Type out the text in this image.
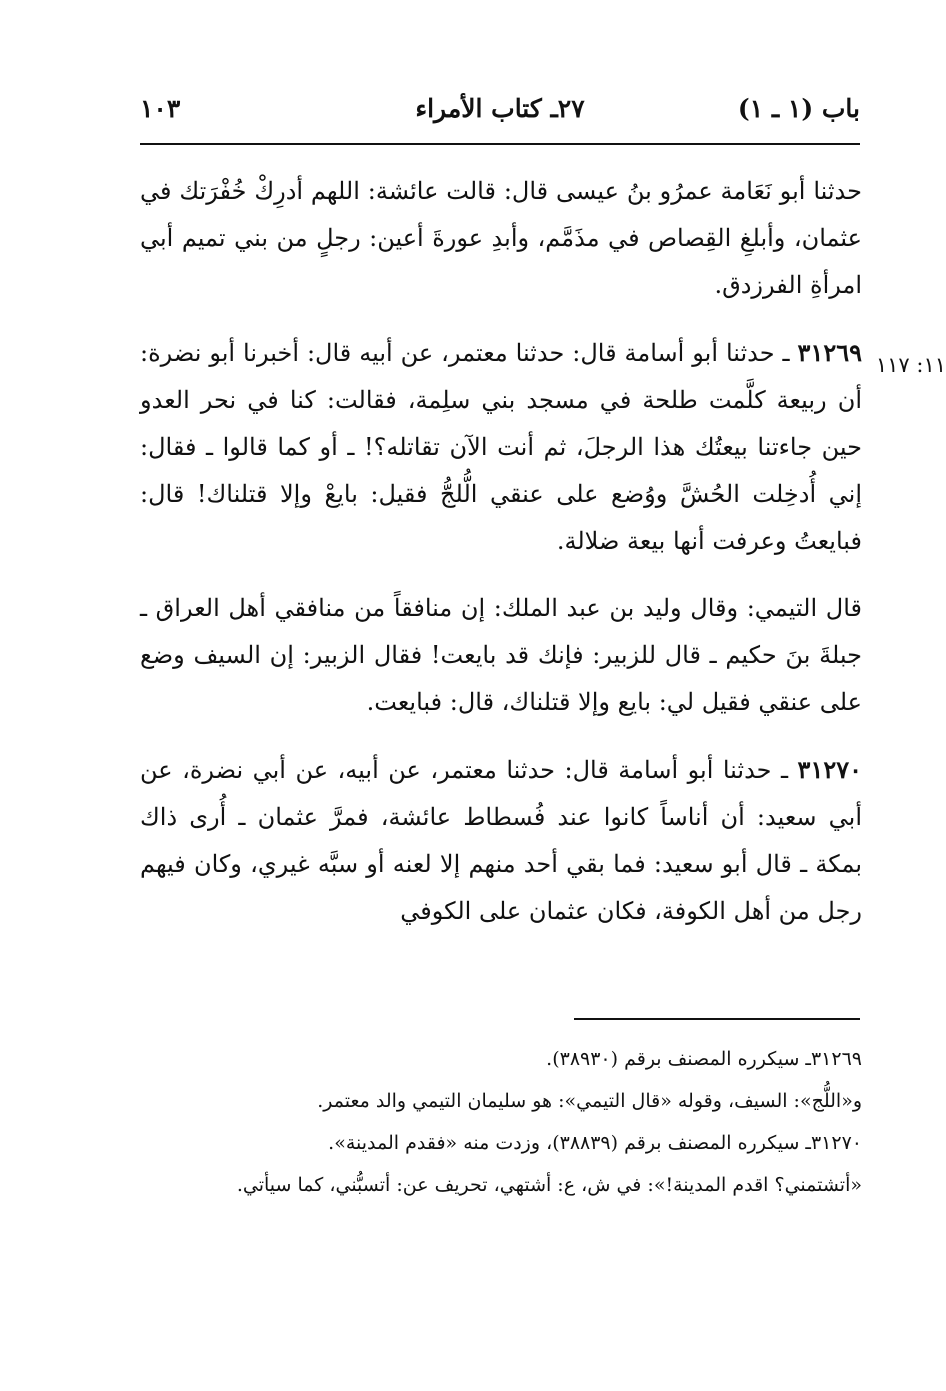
باب (١ ـ ١)
٢٧ـ كتاب الأمراء
١٠٣
١١: ١١٧

حدثنا أبو نَعَامة عمرُو بنُ عيسى قال: قالت عائشة: اللهم أدرِكْ خُفْرَتك في عثمان، وأبلغِ القِصاص في مذَمَّم، وأبدِ عورةَ أعين: رجلٍ من بني تميم أبي امرأةِ الفرزدق.

٣١٢٦٩ ـ حدثنا أبو أسامة قال: حدثنا معتمر، عن أبيه قال: أخبرنا أبو نضرة: أن ربيعة كلَّمت طلحة في مسجد بني سلِمة، فقالت: كنا في نحر العدو حين جاءتنا بيعتُك هذا الرجلَ، ثم أنت الآن تقاتله؟! ـ أو كما قالوا ـ فقال: إني أُدخِلت الحُشَّ ووُضع على عنقي الُّلجُّ فقيل: بايعْ وإلا قتلناك! قال: فبايعتُ وعرفت أنها بيعة ضلالة.

قال التيمي: وقال وليد بن عبد الملك: إن منافقاً من منافقي أهل العراق ـ جبلةَ بنَ حكيم ـ قال للزبير: فإنك قد بايعت! فقال الزبير: إن السيف وضع على عنقي فقيل لي: بايع وإلا قتلناك، قال: فبايعت.

٣١٢٧٠ ـ حدثنا أبو أسامة قال: حدثنا معتمر، عن أبيه، عن أبي نضرة، عن أبي سعيد: أن أناساً كانوا عند فُسطاط عائشة، فمرَّ عثمان ـ أُرى ذاك بمكة ـ قال أبو سعيد: فما بقي أحد منهم إلا لعنه أو سبَّه غيري، وكان فيهم رجل من أهل الكوفة، فكان عثمان على الكوفي

٣١٢٦٩ـ سيكرره المصنف برقم (٣٨٩٣٠).

و«اللُّج»: السيف، وقوله «قال التيمي»: هو سليمان التيمي والد معتمر.

٣١٢٧٠ـ سيكرره المصنف برقم (٣٨٨٣٩)، وزدت منه «فقدم المدينة».

«أتشتمني؟ اقدم المدينة!»: في ش، ع: أشتهي، تحريف عن: أتسبُّني، كما سيأتي.
